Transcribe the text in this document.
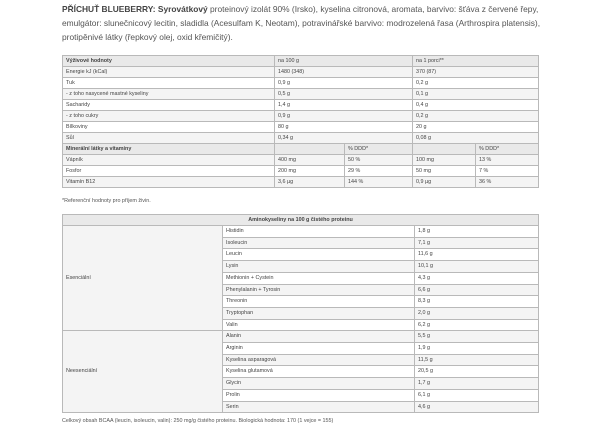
PŘÍCHUŤ BLUEBERRY: Syrovátkový proteinový izolát 90% (Irsko), kyselina citronová, aromata, barvivo: šťáva z červené řepy, emulgátor: slunečnicový lecitin, sladidla (Acesulfam K, Neotam), potravinářské barvivo: modrozelená řasa (Arthrospira platensis), protipěnivé látky (řepkový olej, oxid křemičitý).
Výživové hodnoty	na 100 g		na 1 porci**	
Energie kJ (kCal)	1480 (348)		370 (87)	
Tuk	0,9 g		0,2 g	
- z toho nasycené mastné kyseliny	0,5 g		0,1 g	
Sacharidy	1,4 g		0,4 g	
- z toho cukry	0,9 g		0,2 g	
Bílkoviny	80 g		20 g	
Sůl	0,34 g		0,08 g	
Minerální látky a vitamíny		% DDD*		% DDD*
Vápník	400 mg	50 %	100 mg	13 %
Fosfor	200 mg	29 %	50 mg	7 %
Vitamín B12	3,6 µg	144 %	0,9 µg	36 %
*Referenční hodnoty pro příjem živin.
Aminokyseliny na 100 g čistého proteinu		
Esenciální	Histidin	1,8 g
	Isoleucin	7,1 g
	Leucin	11,6 g
	Lysin	10,1 g
	Methionin + Cystein	4,3 g
	Phenylalanin + Tyrosin	6,6 g
	Threonin	8,3 g
	Tryptophan	2,0 g
	Valin	6,2 g
Neesenciální	Alanin	5,5 g
	Arginin	1,9 g
	Kyselina asparagová	11,5 g
	Kyselina glutamová	20,5 g
	Glycin	1,7 g
	Prolin	6,1 g
	Serin	4,6 g
Celkový obsah BCAA (leucin, isoleucin, valin): 250 mg/g čistého proteinu. Biologická hodnota: 170 (1 vejce = 155)
